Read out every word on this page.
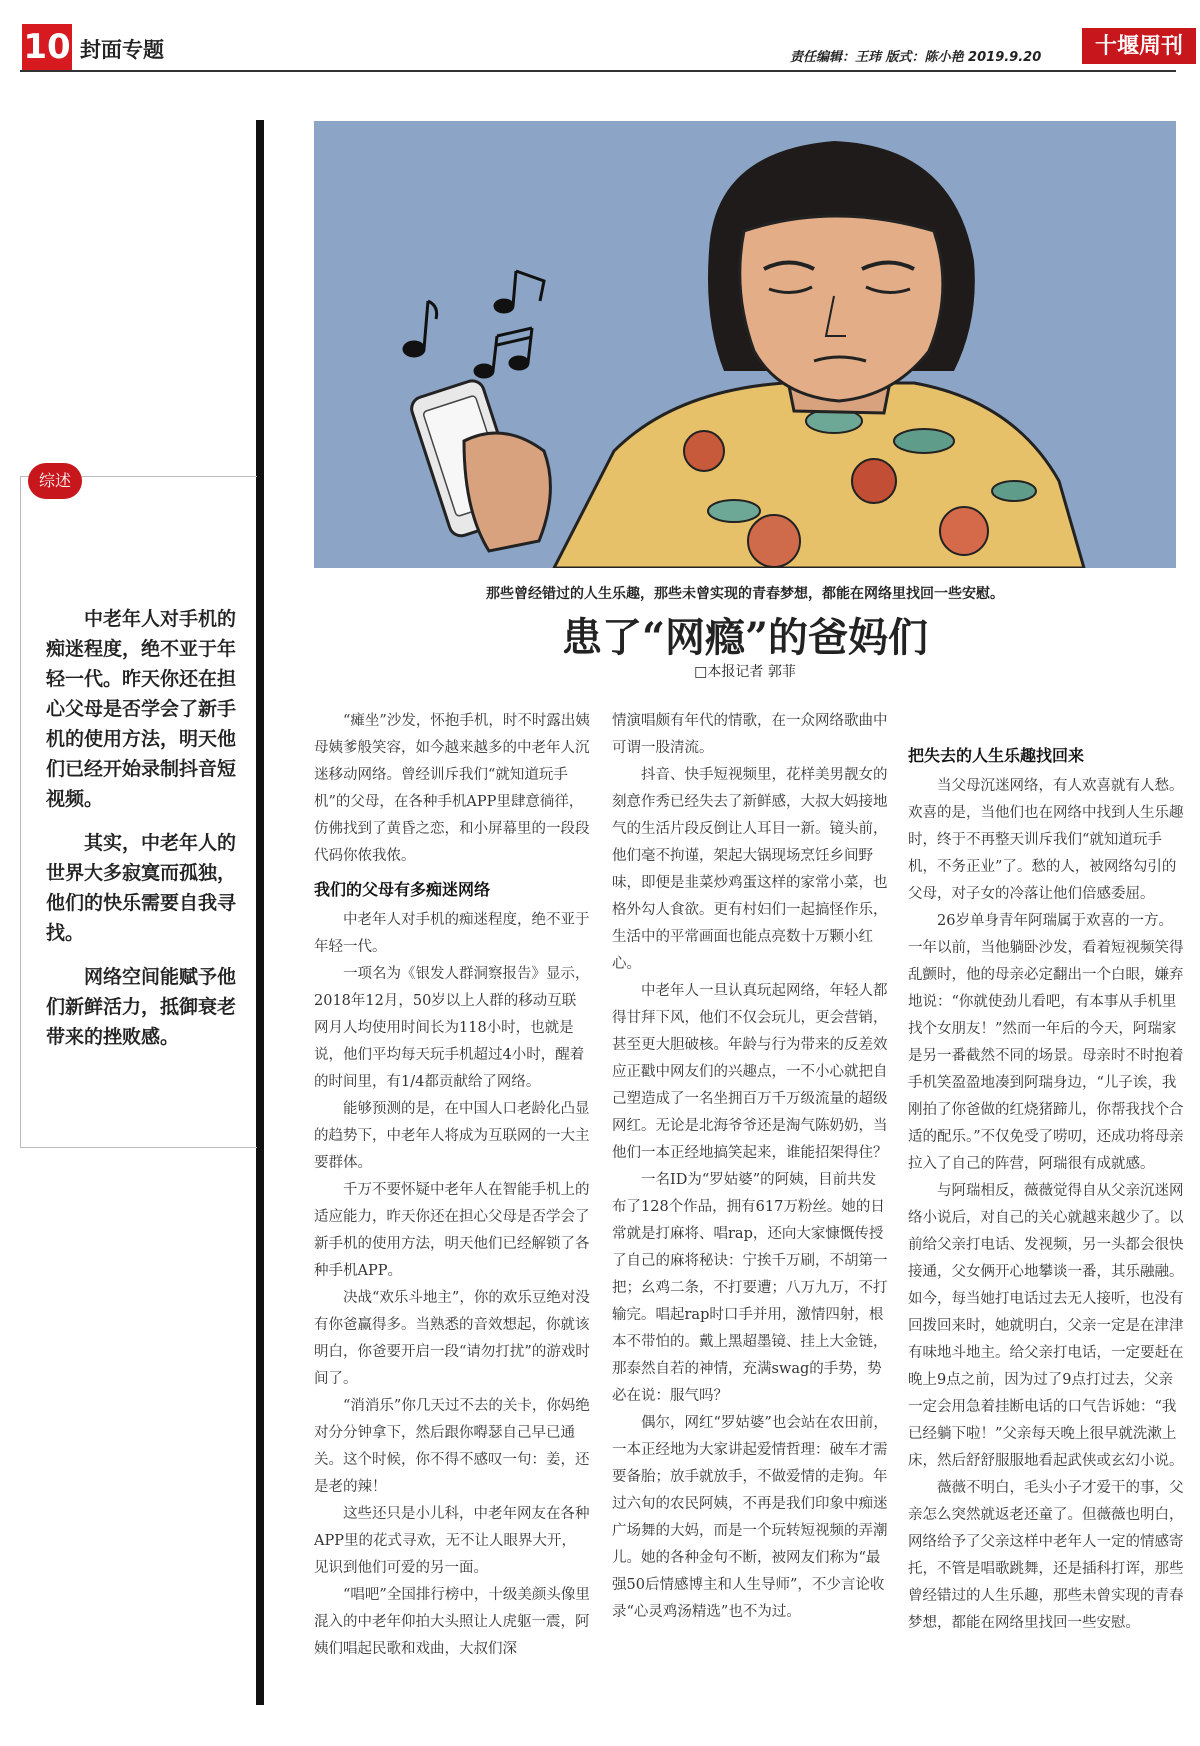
10 封面专题	责任编辑：王玮 版式：陈小艳 2019.9.20	十堰周刊
综述

中老年人对手机的痴迷程度，绝不亚于年轻一代。昨天你还在担心父母是否学会了新手机的使用方法，明天他们已经开始录制抖音短视频。

其实，中老年人的世界大多寂寞而孤独，他们的快乐需要自我寻找。

网络空间能赋予他们新鲜活力，抵御衰老带来的挫败感。

那些曾经错过的人生乐趣，那些未曾实现的青春梦想，都能在网络里找回一些安慰。
患了“网瘾”的爸妈们
□本报记者 郭菲

“瘫坐”沙发，怀抱手机，时不时露出姨母姨爹般笑容，如今越来越多的中老年人沉迷移动网络。曾经训斥我们“就知道玩手机”的父母，在各种手机APP里肆意徜徉，仿佛找到了黄昏之恋，和小屏幕里的一段段代码你侬我侬。

我们的父母有多痴迷网络

中老年人对手机的痴迷程度，绝不亚于年轻一代。

一项名为《银发人群洞察报告》显示，2018年12月，50岁以上人群的移动互联网月人均使用时间长为118小时，也就是说，他们平均每天玩手机超过4小时，醒着的时间里，有1/4都贡献给了网络。

能够预测的是，在中国人口老龄化凸显的趋势下，中老年人将成为互联网的一大主要群体。

千万不要怀疑中老年人在智能手机上的适应能力，昨天你还在担心父母是否学会了新手机的使用方法，明天他们已经解锁了各种手机APP。

决战“欢乐斗地主”，你的欢乐豆绝对没有你爸赢得多。当熟悉的音效想起，你就该明白，你爸要开启一段“请勿打扰”的游戏时间了。

“消消乐”你几天过不去的关卡，你妈绝对分分钟拿下，然后跟你嘚瑟自己早已通关。这个时候，你不得不感叹一句：姜，还是老的辣！

这些还只是小儿科，中老年网友在各种APP里的花式寻欢，无不让人眼界大开，见识到他们可爱的另一面。

“唱吧”全国排行榜中，十级美颜头像里混入的中老年仰拍大头照让人虎躯一震，阿姨们唱起民歌和戏曲，大叔们深

情演唱颇有年代的情歌，在一众网络歌曲中可谓一股清流。

抖音、快手短视频里，花样美男靓女的刻意作秀已经失去了新鲜感，大叔大妈接地气的生活片段反倒让人耳目一新。镜头前，他们毫不拘谨，架起大锅现场烹饪乡间野味，即便是韭菜炒鸡蛋这样的家常小菜，也格外勾人食欲。更有村妇们一起搞怪作乐，生活中的平常画面也能点亮数十万颗小红心。

中老年人一旦认真玩起网络，年轻人都得甘拜下风，他们不仅会玩儿，更会营销，甚至更大胆破核。年龄与行为带来的反差效应正戳中网友们的兴趣点，一不小心就把自己塑造成了一名坐拥百万千万级流量的超级网红。无论是北海爷爷还是淘气陈奶奶，当他们一本正经地搞笑起来，谁能招架得住？

一名ID为“罗姑婆”的阿姨，目前共发布了128个作品，拥有617万粉丝。她的日常就是打麻将、唱rap，还向大家慷慨传授了自己的麻将秘诀：宁挨千万刷，不胡第一把；幺鸡二条，不打要遭；八万九万，不打输完。唱起rap时口手并用，激情四射，根本不带怕的。戴上黑超墨镜、挂上大金链，那泰然自若的神情，充满swag的手势，势必在说：服气吗？

偶尔，网红“罗姑婆”也会站在农田前，一本正经地为大家讲起爱情哲理：破车才需要备胎；放手就放手，不做爱情的走狗。年过六旬的农民阿姨，不再是我们印象中痴迷广场舞的大妈，而是一个玩转短视频的弄潮儿。她的各种金句不断，被网友们称为“最强50后情感博主和人生导师”，不少言论收录“心灵鸡汤精选”也不为过。

把失去的人生乐趣找回来

当父母沉迷网络，有人欢喜就有人愁。欢喜的是，当他们也在网络中找到人生乐趣时，终于不再整天训斥我们“就知道玩手机，不务正业”了。愁的人，被网络勾引的父母，对子女的冷落让他们倍感委屈。

26岁单身青年阿瑞属于欢喜的一方。一年以前，当他躺卧沙发，看着短视频笑得乱颤时，他的母亲必定翻出一个白眼，嫌弃地说：“你就使劲儿看吧，有本事从手机里找个女朋友！”然而一年后的今天，阿瑞家是另一番截然不同的场景。母亲时不时抱着手机笑盈盈地凑到阿瑞身边，“儿子诶，我刚拍了你爸做的红烧猪蹄儿，你帮我找个合适的配乐。”不仅免受了唠叨，还成功将母亲拉入了自己的阵营，阿瑞很有成就感。

与阿瑞相反，薇薇觉得自从父亲沉迷网络小说后，对自己的关心就越来越少了。以前给父亲打电话、发视频，另一头都会很快接通，父女俩开心地攀谈一番，其乐融融。如今，每当她打电话过去无人接听，也没有回拨回来时，她就明白，父亲一定是在津津有味地斗地主。给父亲打电话，一定要赶在晚上9点之前，因为过了9点打过去，父亲一定会用急着挂断电话的口气告诉她：“我已经躺下啦！”父亲每天晚上很早就洗漱上床，然后舒舒服服地看起武侠或玄幻小说。

薇薇不明白，毛头小子才爱干的事，父亲怎么突然就返老还童了。但薇薇也明白，网络给予了父亲这样中老年人一定的情感寄托，不管是唱歌跳舞，还是插科打诨，那些曾经错过的人生乐趣，那些未曾实现的青春梦想，都能在网络里找回一些安慰。
